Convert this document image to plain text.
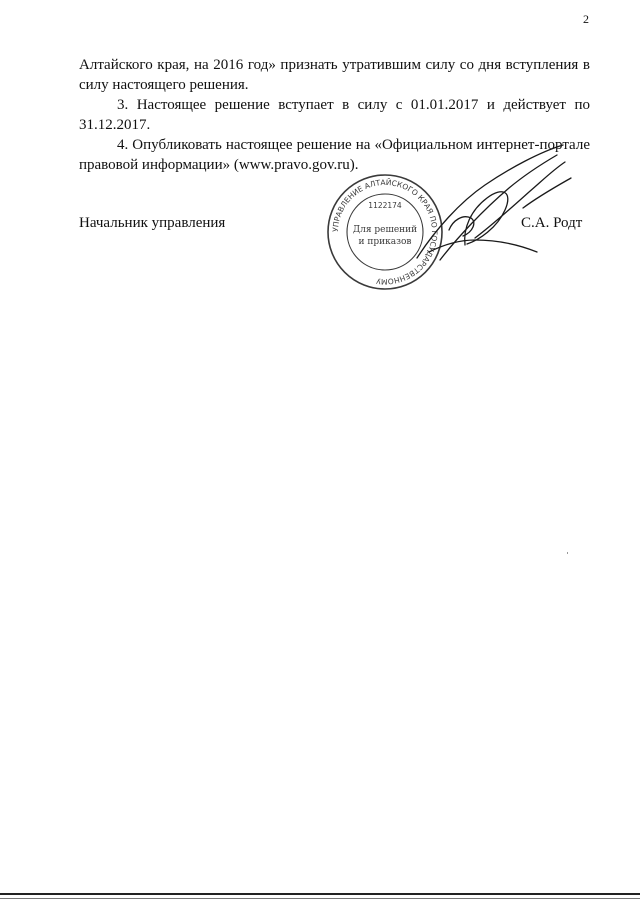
2

Алтайского края, на 2016 год» признать утратившим силу со дня вступления в силу настоящего решения.

3. Настоящее решение вступает в силу с 01.01.2017 и действует по 31.12.2017.

4. Опубликовать настоящее решение на «Официальном интернет-портале правовой информации» (www.pravo.gov.ru).

Начальник управления	С.А. Родт
УПРАВЛЕНИЕ АЛТАЙСКОГО КРАЯ ПО ГОСУДАРСТВЕННОМУ
1122174
Для решений
и приказов
